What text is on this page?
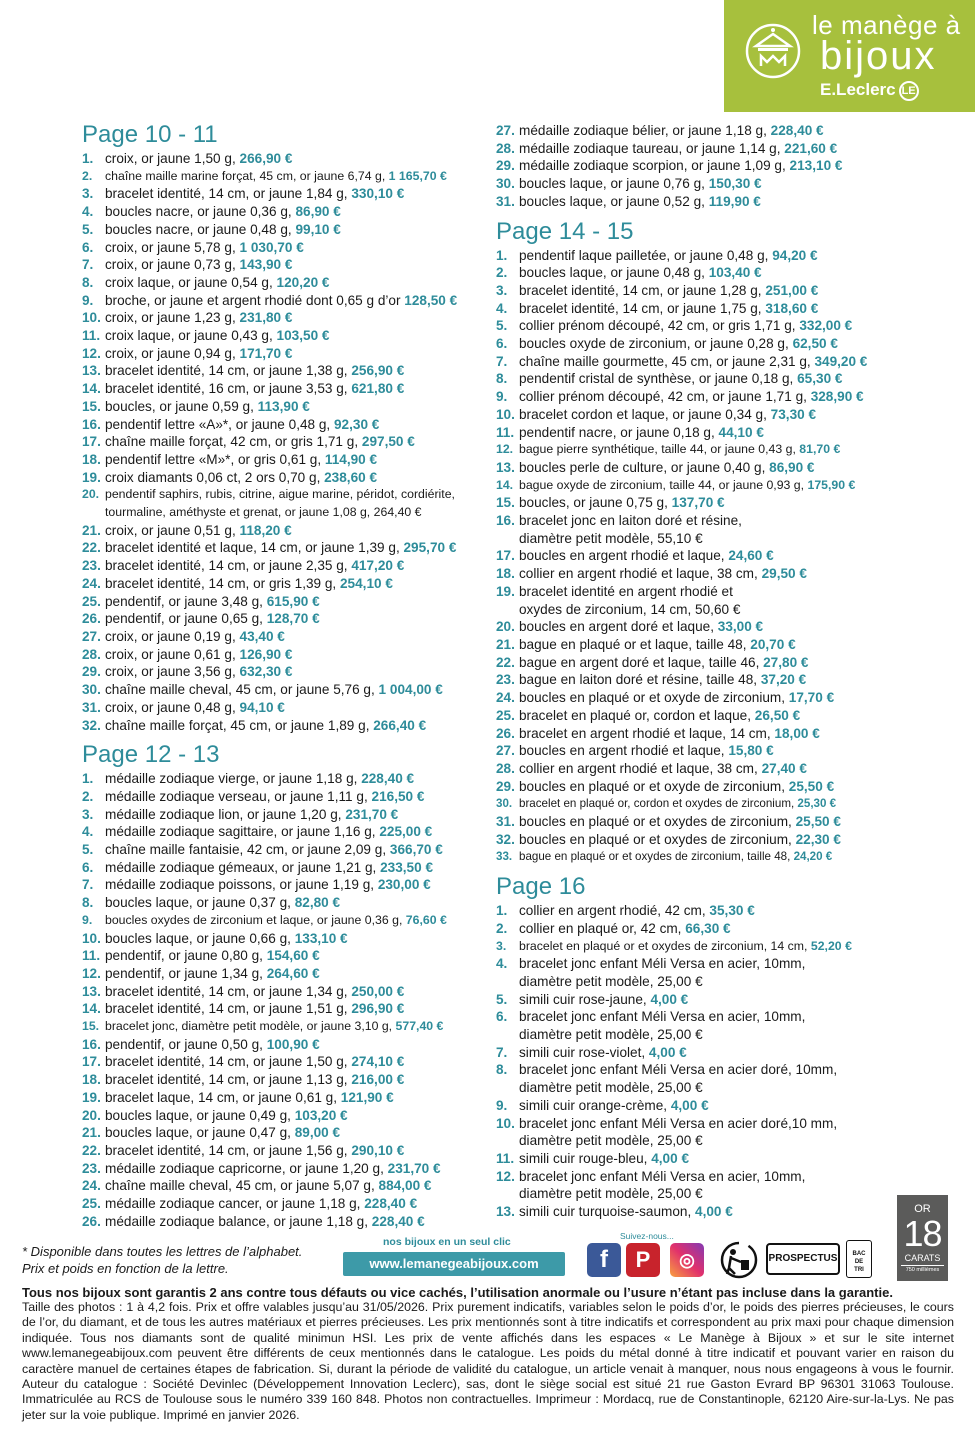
le manège à
bijoux
E.Leclerc LE
Page 10 - 11
1. croix, or jaune 1,50 g, 266,90 €
2.	chaîne maille marine forçat, 45 cm, or jaune 6,74 g, 1 165,70 €
3. bracelet identité, 14 cm, or jaune 1,84 g, 330,10 €
4. boucles nacre, or jaune 0,36 g, 86,90 €
5. boucles nacre, or jaune 0,48 g, 99,10 €
6. croix, or jaune 5,78 g, 1 030,70 €
7. croix, or jaune 0,73 g, 143,90 €
8. croix laque, or jaune 0,54 g, 120,20 €
9. broche, or jaune et argent rhodié dont 0,65 g d’or 128,50 €
10. croix, or jaune 1,23 g, 231,80 €
11. croix laque, or jaune 0,43 g, 103,50 €
12. croix, or jaune 0,94 g, 171,70 €
13. bracelet identité, 14 cm, or jaune 1,38 g, 256,90 €
14. bracelet identité, 16 cm, or jaune 3,53 g, 621,80 €
15. boucles, or jaune 0,59 g, 113,90 €
16. pendentif lettre «A»*, or jaune 0,48 g, 92,30 €
17. chaîne maille forçat, 42 cm, or gris 1,71 g, 297,50 €
18. pendentif lettre «M»*, or gris 0,61 g, 114,90 €
19. croix diamants 0,06 ct, 2 ors 0,70 g, 238,60 €
20. pendentif saphirs, rubis, citrine, aigue marine, péridot, cordiérite,
tourmaline, améthyste et grenat, or jaune 1,08 g, 264,40 €
21. croix, or jaune 0,51 g, 118,20 €
22. bracelet identité et laque, 14 cm, or jaune 1,39 g, 295,70 €
23. bracelet identité, 14 cm, or jaune 2,35 g, 417,20 €
24. bracelet identité, 14 cm, or gris 1,39 g, 254,10 €
25. pendentif, or jaune 3,48 g, 615,90 €
26. pendentif, or jaune 0,65 g, 128,70 €
27. croix, or jaune 0,19 g, 43,40 €
28. croix, or jaune 0,61 g, 126,90 €
29. croix, or jaune 3,56 g, 632,30 €
30. chaîne maille cheval, 45 cm, or jaune 5,76 g, 1 004,00 €
31. croix, or jaune 0,48 g, 94,10 €
32. chaîne maille forçat, 45 cm, or jaune 1,89 g, 266,40 €
Page 12 - 13
1. médaille zodiaque vierge, or jaune 1,18 g, 228,40 €
2. médaille zodiaque verseau, or jaune 1,11 g, 216,50 €
3. médaille zodiaque lion, or jaune 1,20 g, 231,70 €
4. médaille zodiaque sagittaire, or jaune 1,16 g, 225,00 €
5. chaîne maille fantaisie, 42 cm, or jaune 2,09 g, 366,70 €
6. médaille zodiaque gémeaux, or jaune 1,21 g, 233,50 €
7. médaille zodiaque poissons, or jaune 1,19 g, 230,00 €
8. boucles laque, or jaune 0,37 g, 82,80 €
9.	boucles oxydes de zirconium et laque, or jaune 0,36 g, 76,60 €
10. boucles laque, or jaune 0,66 g, 133,10 €
11. pendentif, or jaune 0,80 g, 154,60 €
12. pendentif, or jaune 1,34 g, 264,60 €
13. bracelet identité, 14 cm, or jaune 1,34 g, 250,00 €
14. bracelet identité, 14 cm, or jaune 1,51 g, 296,90 €
15. bracelet jonc, diamètre petit modèle, or jaune 3,10 g, 577,40 €
16. pendentif, or jaune 0,50 g, 100,90 €
17. bracelet identité, 14 cm, or jaune 1,50 g, 274,10 €
18. bracelet identité, 14 cm, or jaune 1,13 g, 216,00 €
19. bracelet laque, 14 cm, or jaune 0,61 g, 121,90 €
20. boucles laque, or jaune 0,49 g, 103,20 €
21. boucles laque, or jaune 0,47 g, 89,00 €
22. bracelet identité, 14 cm, or jaune 1,56 g, 290,10 €
23. médaille zodiaque capricorne, or jaune 1,20 g, 231,70 €
24. chaîne maille cheval, 45 cm, or jaune 5,07 g, 884,00 €
25. médaille zodiaque cancer, or jaune 1,18 g, 228,40 €
26. médaille zodiaque balance, or jaune 1,18 g, 228,40 €
27. médaille zodiaque bélier, or jaune 1,18 g, 228,40 €
28. médaille zodiaque taureau, or jaune 1,14 g, 221,60 €
29. médaille zodiaque scorpion, or jaune 1,09 g, 213,10 €
30. boucles laque, or jaune 0,76 g, 150,30 €
31. boucles laque, or jaune 0,52 g, 119,90 €
Page 14 - 15
1. pendentif laque pailletée, or jaune 0,48 g, 94,20 €
2. boucles laque, or jaune 0,48 g, 103,40 €
3. bracelet identité, 14 cm, or jaune 1,28 g, 251,00 €
4. bracelet identité, 14 cm, or jaune 1,75 g, 318,60 €
5. collier prénom découpé, 42 cm, or gris 1,71 g, 332,00 €
6. boucles oxyde de zirconium, or jaune 0,28 g, 62,50 €
7. chaîne maille gourmette, 45 cm, or jaune 2,31 g, 349,20 €
8. pendentif cristal de synthèse, or jaune 0,18 g, 65,30 €
9. collier prénom découpé, 42 cm, or jaune 1,71 g, 328,90 €
10. bracelet cordon et laque, or jaune 0,34 g, 73,30 €
11. pendentif nacre, or jaune 0,18 g, 44,10 €
12. bague pierre synthétique, taille 44, or jaune 0,43 g, 81,70 €
13. boucles perle de culture, or jaune 0,40 g, 86,90 €
14. bague oxyde de zirconium, taille 44, or jaune 0,93 g, 175,90 €
15. boucles, or jaune 0,75 g, 137,70 €
16. bracelet jonc en laiton doré et résine,
diamètre petit modèle, 55,10 €
17. boucles en argent rhodié et laque, 24,60 €
18. collier en argent rhodié et laque, 38 cm, 29,50 €
19. bracelet identité en argent rhodié et
oxydes de zirconium, 14 cm, 50,60 €
20. boucles en argent doré et laque, 33,00 €
21. bague en plaqué or et laque, taille 48, 20,70 €
22. bague en argent doré et laque, taille 46, 27,80 €
23. bague en laiton doré et résine, taille 48, 37,20 €
24. boucles en plaqué or et oxyde de zirconium, 17,70 €
25. bracelet en plaqué or, cordon et laque, 26,50 €
26. bracelet en argent rhodié et laque, 14 cm, 18,00 €
27. boucles en argent rhodié et laque, 15,80 €
28. collier en argent rhodié et laque, 38 cm, 27,40 €
29. boucles en plaqué or et oxyde de zirconium, 25,50 €
30. bracelet en plaqué or, cordon et oxydes de zirconium, 25,30 €
31. boucles en plaqué or et oxydes de zirconium, 25,50 €
32. boucles en plaqué or et oxydes de zirconium, 22,30 €
33. bague en plaqué or et oxydes de zirconium, taille 48, 24,20 €
Page 16
1. collier en argent rhodié, 42 cm, 35,30 €
2. collier en plaqué or, 42 cm, 66,30 €
3.	bracelet en plaqué or et oxydes de zirconium, 14 cm, 52,20 €
4. bracelet jonc enfant Méli Versa en acier, 10mm,
diamètre petit modèle, 25,00 €
5. simili cuir rose-jaune, 4,00 €
6. bracelet jonc enfant Méli Versa en acier, 10mm,
diamètre petit modèle, 25,00 €
7. simili cuir rose-violet, 4,00 €
8. bracelet jonc enfant Méli Versa en acier doré, 10mm,
diamètre petit modèle, 25,00 €
9. simili cuir orange-crème, 4,00 €
10. bracelet jonc enfant Méli Versa en acier doré,10 mm,
diamètre petit modèle, 25,00 €
11. simili cuir rouge-bleu, 4,00 €
12. bracelet jonc enfant Méli Versa en acier, 10mm,
diamètre petit modèle, 25,00 €
13. simili cuir turquoise-saumon, 4,00 €
* Disponible dans toutes les lettres de l’alphabet.
Prix et poids en fonction de la lettre.
nos bijoux en un seul clic
www.lemanegeabijoux.com
Suivez-nous...
f	P	◎	PROSPECTUS	BAC
DE
TRI
OR
18
CARATS
750 millièmes
Tous nos bijoux sont garantis 2 ans contre tous défauts ou vice cachés, l’utilisation anormale ou l’usure n’étant pas incluse dans la garantie.
Taille des photos : 1 à 4,2 fois. Prix et offre valables jusqu’au 31/05/2026. Prix purement indicatifs, variables selon le poids d’or, le poids des pierres précieuses, le cours de l’or, du diamant, et de tous les autres matériaux et pierres précieuses. Les prix mentionnés sont à titre indicatifs et correspondent au prix maxi pour chaque dimension indiquée. Tous nos diamants sont de qualité minimun HSI. Les prix de vente affichés dans les espaces « Le Manège à Bijoux » et sur le site internet www.lemanegeabijoux.com peuvent être différents de ceux mentionnés dans le catalogue. Les poids du métal donné à titre indicatif et pouvant varier en raison du caractère manuel de certaines étapes de fabrication. Si, durant la période de validité du catalogue, un article venait à manquer, nous nous engageons à vous le fournir. Auteur du catalogue : Société Devinlec (Développement Innovation Leclerc), sas, dont le siège social est situé 21 rue Gaston Evrard BP 96301 31063 Toulouse. Immatriculée au RCS de Toulouse sous le numéro 339 160 848. Photos non contractuelles. Imprimeur : Mordacq, rue de Constantinople, 62120 Aire-sur-la-Lys. Ne pas jeter sur la voie publique. Imprimé en janvier 2026.
